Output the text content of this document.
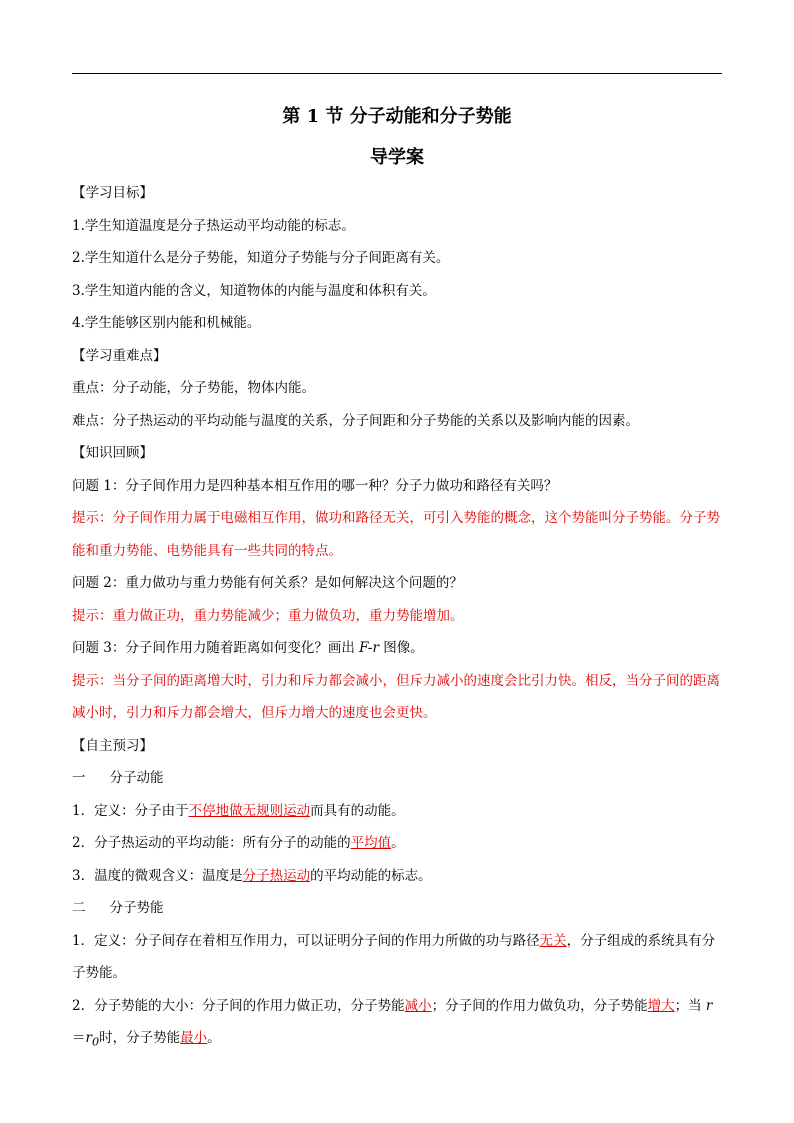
第 1 节 分子动能和分子势能

导学案

【学习目标】

1.学生知道温度是分子热运动平均动能的标志。

2.学生知道什么是分子势能，知道分子势能与分子间距离有关。

3.学生知道内能的含义，知道物体的内能与温度和体积有关。

4.学生能够区别内能和机械能。

【学习重难点】

重点：分子动能，分子势能，物体内能。

难点：分子热运动的平均动能与温度的关系，分子间距和分子势能的关系以及影响内能的因素。

【知识回顾】

问题 1：分子间作用力是四种基本相互作用的哪一种？分子力做功和路径有关吗？

提示：分子间作用力属于电磁相互作用，做功和路径无关，可引入势能的概念，这个势能叫分子势能。分子势能和重力势能、电势能具有一些共同的特点。

问题 2：重力做功与重力势能有何关系？是如何解决这个问题的？

提示：重力做正功，重力势能减少；重力做负功，重力势能增加。

问题 3：分子间作用力随着距离如何变化？画出 F-r 图像。

提示：当分子间的距离增大时，引力和斥力都会减小，但斥力减小的速度会比引力快。相反，当分子间的距离减小时，引力和斥力都会增大，但斥力增大的速度也会更快。

【自主预习】

一 分子动能

1．定义：分子由于不停地做无规则运动而具有的动能。

2．分子热运动的平均动能：所有分子的动能的平均值。

3．温度的微观含义：温度是分子热运动的平均动能的标志。

二 分子势能

1．定义：分子间存在着相互作用力，可以证明分子间的作用力所做的功与路径无关，分子组成的系统具有分子势能。

2．分子势能的大小：分子间的作用力做正功，分子势能减小；分子间的作用力做负功，分子势能增大；当 $r=r_0$时，分子势能最小。
